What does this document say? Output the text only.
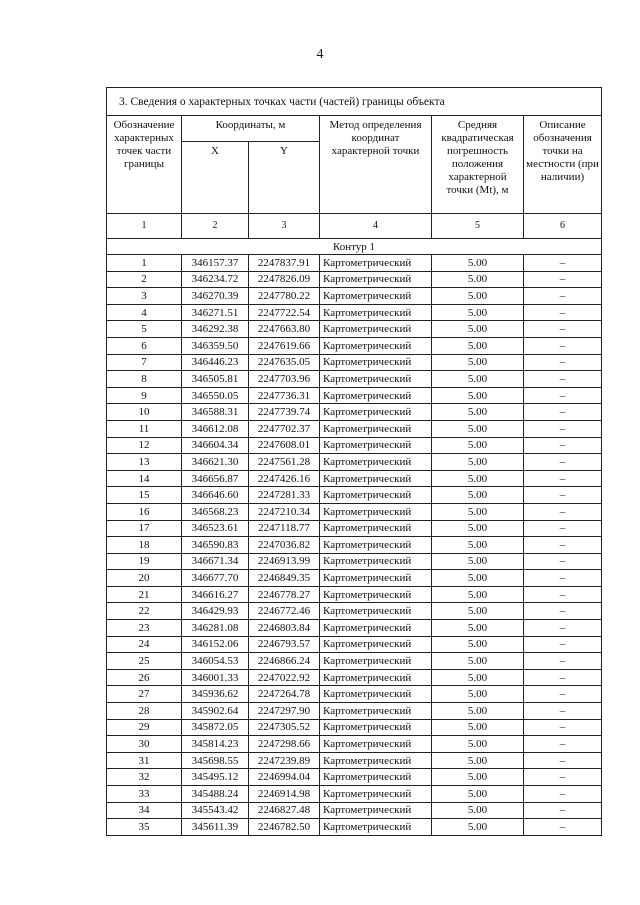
4
3. Сведения о характерных точках части (частей) границы объекта					
Обозначение характерных точек части границы	Координаты, м		Метод определения координат характерной точки	Средняя квадратическая погрешность положения характерной точки (Mt), м	Описание обозначения точки на местности (при наличии)
	X	Y			
1	2	3	4	5	6
Контур 1					
1	346157.37	2247837.91	Картометрический	5.00	–
2	346234.72	2247826.09	Картометрический	5.00	–
3	346270.39	2247780.22	Картометрический	5.00	–
4	346271.51	2247722.54	Картометрический	5.00	–
5	346292.38	2247663.80	Картометрический	5.00	–
6	346359.50	2247619.66	Картометрический	5.00	–
7	346446.23	2247635.05	Картометрический	5.00	–
8	346505.81	2247703.96	Картометрический	5.00	–
9	346550.05	2247736.31	Картометрический	5.00	–
10	346588.31	2247739.74	Картометрический	5.00	–
11	346612.08	2247702.37	Картометрический	5.00	–
12	346604.34	2247608.01	Картометрический	5.00	–
13	346621.30	2247561.28	Картометрический	5.00	–
14	346656.87	2247426.16	Картометрический	5.00	–
15	346646.60	2247281.33	Картометрический	5.00	–
16	346568.23	2247210.34	Картометрический	5.00	–
17	346523.61	2247118.77	Картометрический	5.00	–
18	346590.83	2247036.82	Картометрический	5.00	–
19	346671.34	2246913.99	Картометрический	5.00	–
20	346677.70	2246849.35	Картометрический	5.00	–
21	346616.27	2246778.27	Картометрический	5.00	–
22	346429.93	2246772.46	Картометрический	5.00	–
23	346281.08	2246803.84	Картометрический	5.00	–
24	346152.06	2246793.57	Картометрический	5.00	–
25	346054.53	2246866.24	Картометрический	5.00	–
26	346001.33	2247022.92	Картометрический	5.00	–
27	345936.62	2247264.78	Картометрический	5.00	–
28	345902.64	2247297.90	Картометрический	5.00	–
29	345872.05	2247305.52	Картометрический	5.00	–
30	345814.23	2247298.66	Картометрический	5.00	–
31	345698.55	2247239.89	Картометрический	5.00	–
32	345495.12	2246994.04	Картометрический	5.00	–
33	345488.24	2246914.98	Картометрический	5.00	–
34	345543.42	2246827.48	Картометрический	5.00	–
35	345611.39	2246782.50	Картометрический	5.00	–
